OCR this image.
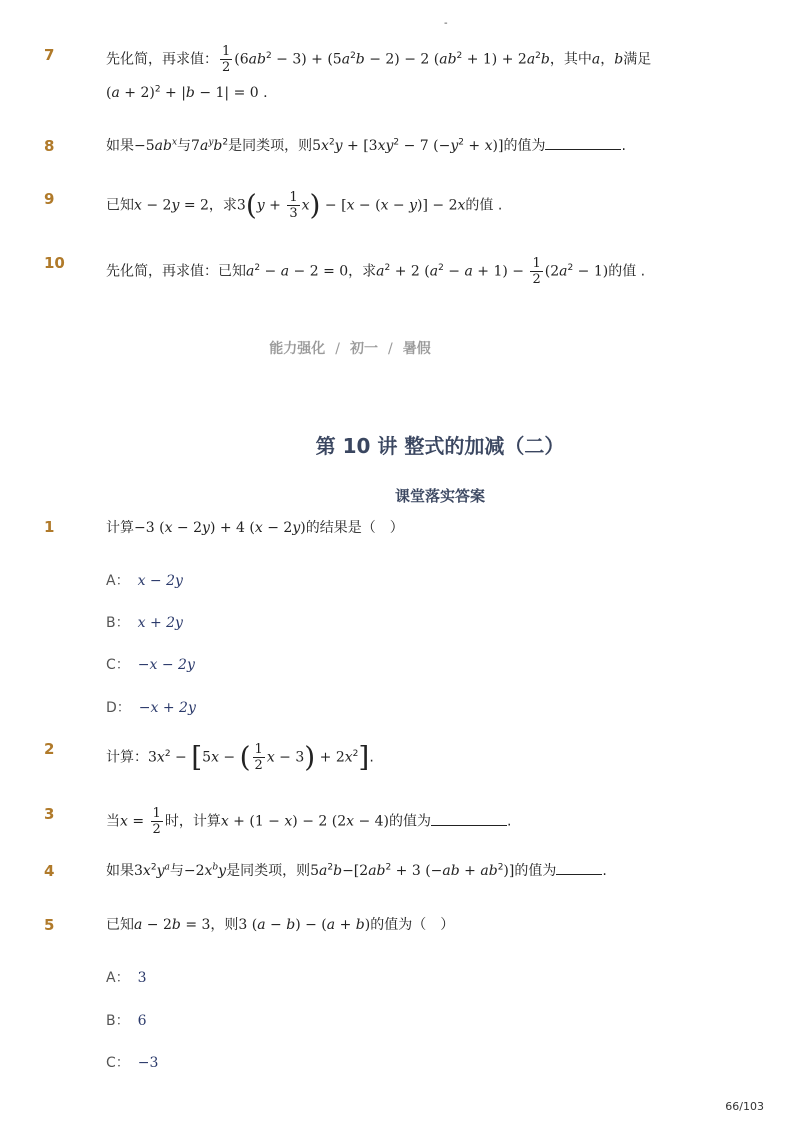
-
7	先化简，再求值： $\frac{1}{2} (6ab^2 - 3) + (5a^2b - 2) - 2$ $(ab^2 + 1) + 2a^2b$，其中a，b满足
$(a + 2)^2 + |b - 1| = 0$ .
8	如果$-5ab^x$与$7a^yb^2$是同类项，则$5x^2y + [3xy^2 - 7$ $(-y^2 + x)$]的值为	.
9	已知x − 2y = 2，求$3(y + \frac{1}{3} x) - [x - (x - y)] - 2x$的值 .
10	先化简，再求值：已知$a^2 - a - 2 = 0$，求$a^2 + 2$ $(a^2 - a + 1) - \frac{1}{2} (2a^2 - 1)$的值 .
能力强化 / 初一 / 暑假
第 10 讲 整式的加减（二）
课堂落实答案
1	计算−3 (x − 2y) + 4 (x − 2y)的结果是（　）
A： x − 2y
B： x + 2y
C： −x − 2y
D： −x + 2y
2	计算：$3x^2 - [5x$ − ( $\frac{1}{2}$ $x - 3) + 2x^2$].
3	当$x = \frac{1}{2}$ 时，计算x + (1 − x) − 2 (2x − 4)的值为	.
4	如果$3x^2y^a$与$-2x^by$是同类项，则$5a^2b-[2ab^2 + 3$ $(-ab + ab^2)$]的值为	.
5	已知a − 2b = 3，则3 (a − b) − (a + b)的值为（　）
A： 3
B： 6
C： −3
66/103
